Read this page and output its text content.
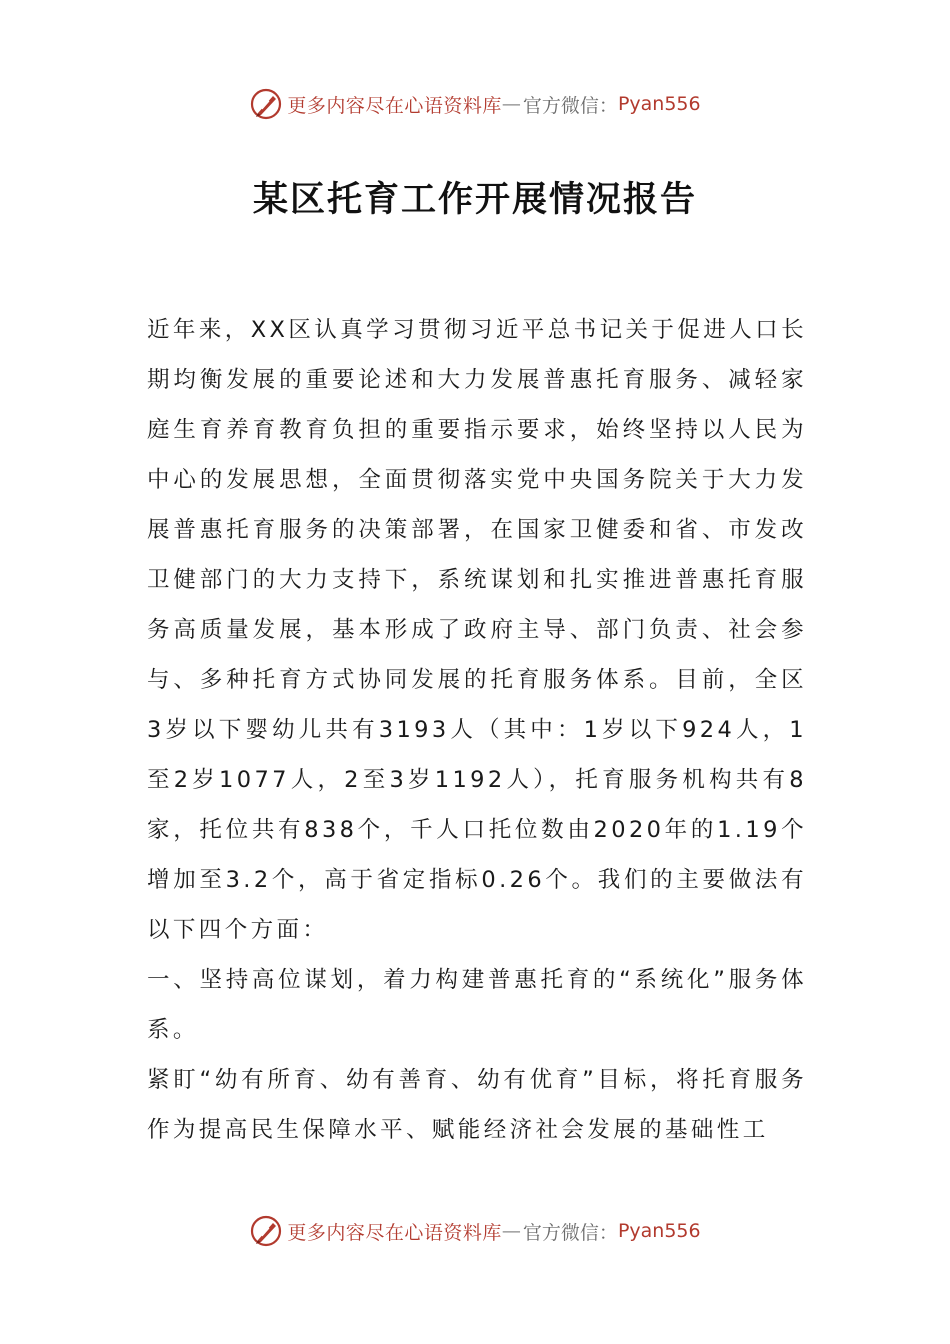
更多内容尽在心语资料库 — 官方微信： Pyan556
某区托育工作开展情况报告

近年来，XX区认真学习贯彻习近平总书记关于促进人口长期均衡发展的重要论述和大力发展普惠托育服务、减轻家庭生育养育教育负担的重要指示要求，始终坚持以人民为中心的发展思想，全面贯彻落实党中央国务院关于大力发展普惠托育服务的决策部署，在国家卫健委和省、市发改卫健部门的大力支持下，系统谋划和扎实推进普惠托育服务高质量发展，基本形成了政府主导、部门负责、社会参与、多种托育方式协同发展的托育服务体系。目前，全区3岁以下婴幼儿共有3193人（其中：1岁以下924人，1至2岁1077人，2至3岁1192人），托育服务机构共有8家，托位共有838个，千人口托位数由2020年的1.19个增加至3.2个，高于省定指标0.26个。我们的主要做法有以下四个方面：

一、坚持高位谋划，着力构建普惠托育的“系统化”服务体系。

紧盯“幼有所育、幼有善育、幼有优育”目标，将托育服务作为提高民生保障水平、赋能经济社会发展的基础性工

更多内容尽在心语资料库 — 官方微信： Pyan556
